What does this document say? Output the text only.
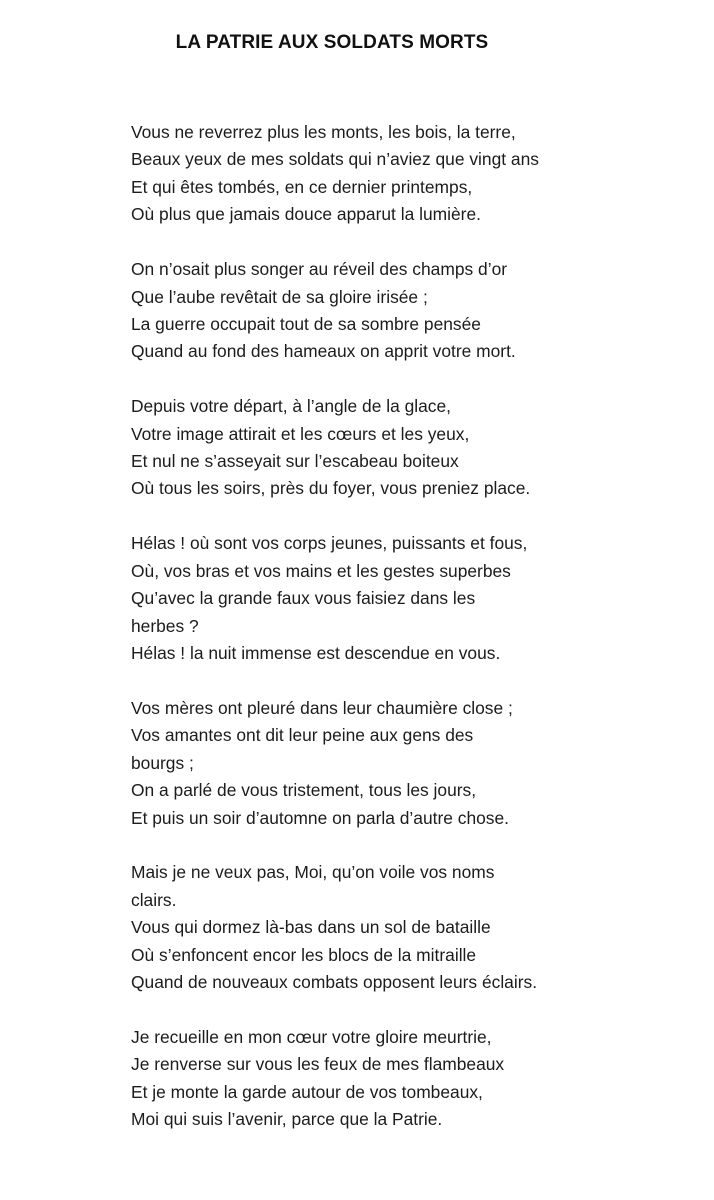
LA PATRIE AUX SOLDATS MORTS
Vous ne reverrez plus les monts, les bois, la terre,
Beaux yeux de mes soldats qui n’aviez que vingt ans
Et qui êtes tombés, en ce dernier printemps,
Où plus que jamais douce apparut la lumière.
On n’osait plus songer au réveil des champs d’or
Que l’aube revêtait de sa gloire irisée ;
La guerre occupait tout de sa sombre pensée
Quand au fond des hameaux on apprit votre mort.
Depuis votre départ, à l’angle de la glace,
Votre image attirait et les cœurs et les yeux,
Et nul ne s’asseyait sur l’escabeau boiteux
Où tous les soirs, près du foyer, vous preniez place.
Hélas ! où sont vos corps jeunes, puissants et fous,
Où, vos bras et vos mains et les gestes superbes
Qu’avec la grande faux vous faisiez dans les
herbes ?
Hélas ! la nuit immense est descendue en vous.
Vos mères ont pleuré dans leur chaumière close ;
Vos amantes ont dit leur peine aux gens des
bourgs ;
On a parlé de vous tristement, tous les jours,
Et puis un soir d’automne on parla d’autre chose.
Mais je ne veux pas, Moi, qu’on voile vos noms
clairs.
Vous qui dormez là-bas dans un sol de bataille
Où s’enfoncent encor les blocs de la mitraille
Quand de nouveaux combats opposent leurs éclairs.
Je recueille en mon cœur votre gloire meurtrie,
Je renverse sur vous les feux de mes flambeaux
Et je monte la garde autour de vos tombeaux,
Moi qui suis l’avenir, parce que la Patrie.
